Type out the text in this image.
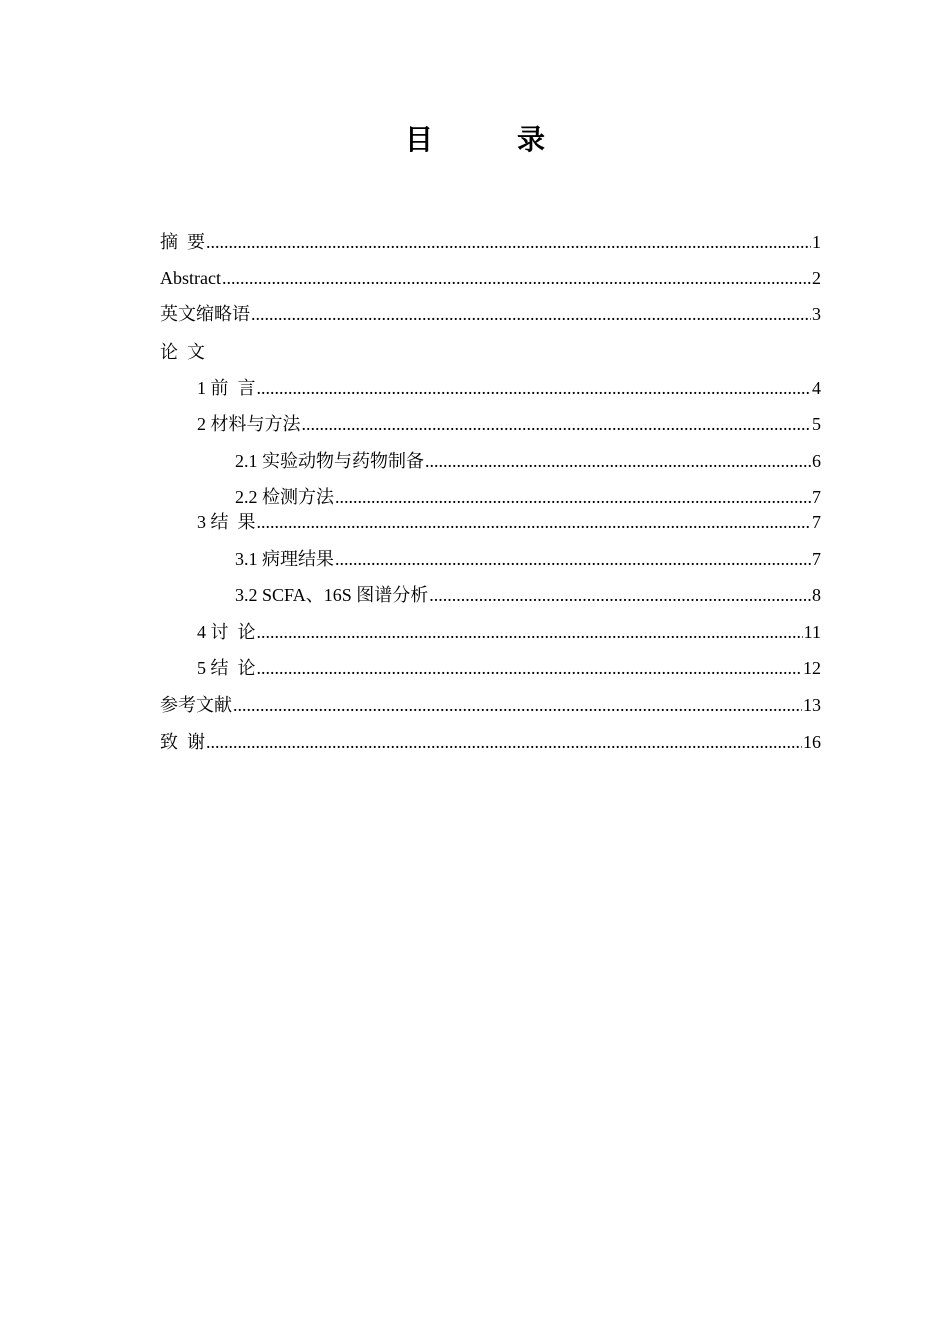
目　录
摘  要 .....	1
Abstract .....	2
英文缩略语 .....	3
论  文
1 前  言 .....	4
2 材料与方法 .....	5
2.1 实验动物与药物制备 .....	6
2.2 检测方法 .....	7
3 结  果 .....	7
3.1 病理结果 .....	7
3.2 SCFA、16S 图谱分析 .....	8
4 讨  论 .....	11
5 结  论 .....	12
参考文献 .....	13
致  谢 .....	16
